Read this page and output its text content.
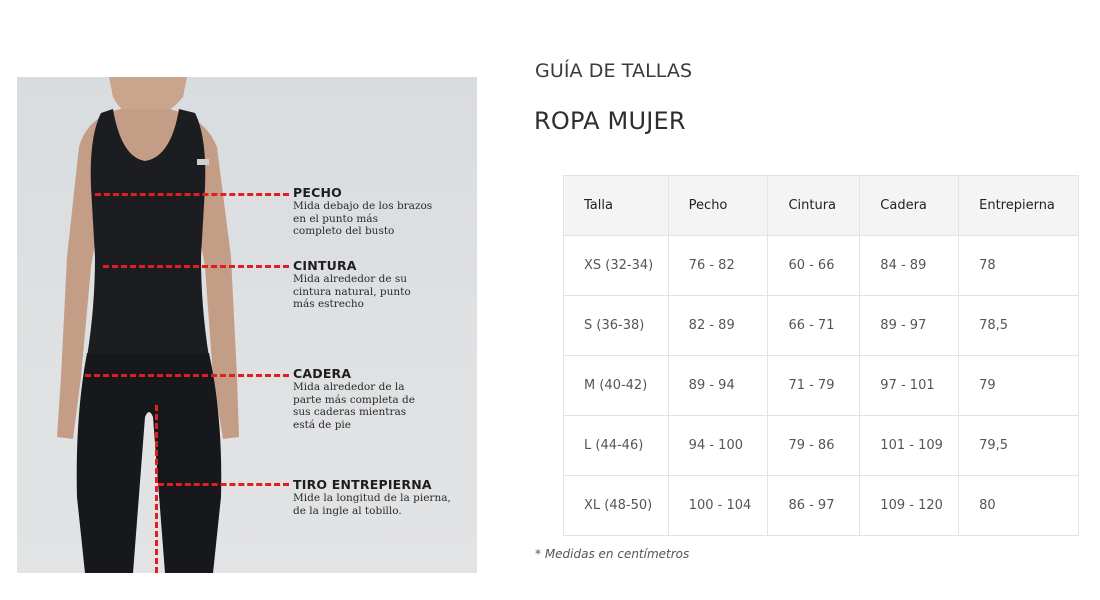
PECHO
Mida debajo de los brazos
en el punto más
completo del busto
CINTURA
Mida alrededor de su
cintura natural, punto
más estrecho
CADERA
Mida alrededor de la
parte más completa de
sus caderas mientras
está de pie
TIRO ENTREPIERNA
Mide la longitud de la pierna,
de la ingle al tobillo.
GUÍA DE TALLAS
ROPA MUJER
Talla	Pecho	Cintura	Cadera	Entrepierna
XS (32-34)	76 - 82	60 - 66	84 - 89	78
S (36-38)	82 - 89	66 - 71	89 - 97	78,5
M (40-42)	89 - 94	71 - 79	97 - 101	79
L (44-46)	94 - 100	79 - 86	101 - 109	79,5
XL (48-50)	100 - 104	86 - 97	109 - 120	80
* Medidas en centímetros
